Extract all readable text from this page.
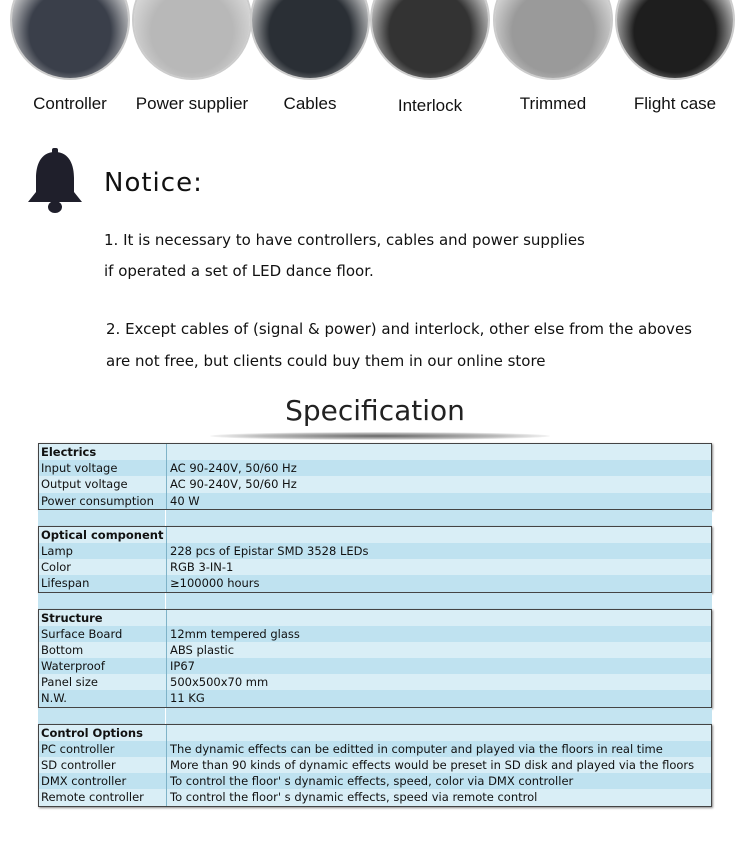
Controller Power supplier Cables	Interlock	Trimmed	Flight case
Notice:
1. It is necessary to have controllers, cables and power supplies
if operated a set of LED dance floor.
2. Except cables of (signal & power) and interlock, other else from the aboves
are not free, but clients could buy them in our online store
Specification
Electrics
Input voltage	AC 90-240V, 50/60 Hz
Output voltage	AC 90-240V, 50/60 Hz
Power consumption	40 W
Optical component
Lamp	228 pcs of Epistar SMD 3528 LEDs
Color	RGB 3-IN-1
Lifespan	≥100000 hours
Structure
Surface Board	12mm tempered glass
Bottom	ABS plastic
Waterproof	IP67
Panel size	500x500x70 mm
N.W.	11 KG
Control Options
PC controller	The dynamic effects can be editted in computer and played via the floors in real time
SD controller	More than 90 kinds of dynamic effects would be preset in SD disk and played via the floors
DMX controller	To control the floor' s dynamic effects, speed, color via DMX controller
Remote controller	To control the floor' s dynamic effects, speed via remote control
